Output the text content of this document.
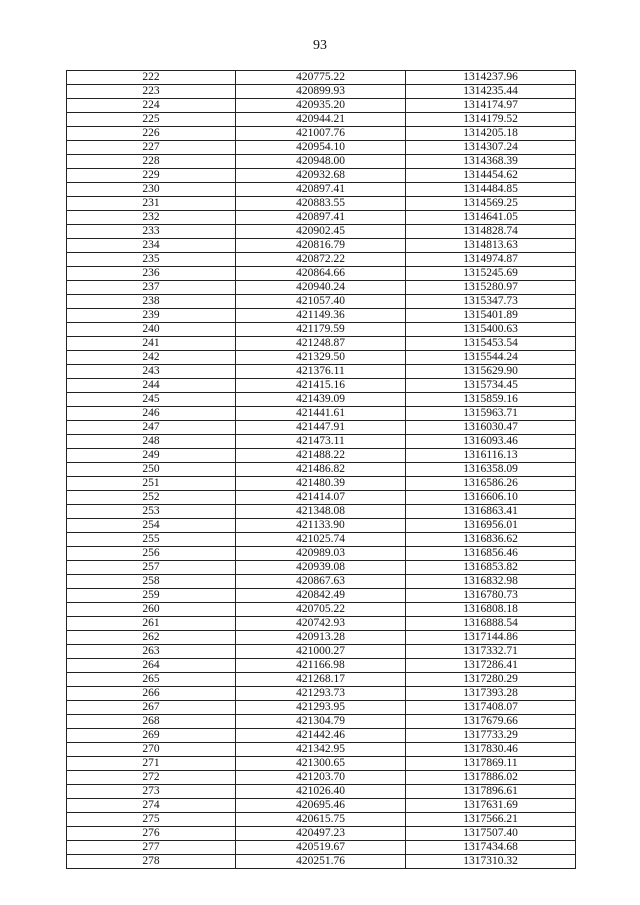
93
222	420775.22	1314237.96
223	420899.93	1314235.44
224	420935.20	1314174.97
225	420944.21	1314179.52
226	421007.76	1314205.18
227	420954.10	1314307.24
228	420948.00	1314368.39
229	420932.68	1314454.62
230	420897.41	1314484.85
231	420883.55	1314569.25
232	420897.41	1314641.05
233	420902.45	1314828.74
234	420816.79	1314813.63
235	420872.22	1314974.87
236	420864.66	1315245.69
237	420940.24	1315280.97
238	421057.40	1315347.73
239	421149.36	1315401.89
240	421179.59	1315400.63
241	421248.87	1315453.54
242	421329.50	1315544.24
243	421376.11	1315629.90
244	421415.16	1315734.45
245	421439.09	1315859.16
246	421441.61	1315963.71
247	421447.91	1316030.47
248	421473.11	1316093.46
249	421488.22	1316116.13
250	421486.82	1316358.09
251	421480.39	1316586.26
252	421414.07	1316606.10
253	421348.08	1316863.41
254	421133.90	1316956.01
255	421025.74	1316836.62
256	420989.03	1316856.46
257	420939.08	1316853.82
258	420867.63	1316832.98
259	420842.49	1316780.73
260	420705.22	1316808.18
261	420742.93	1316888.54
262	420913.28	1317144.86
263	421000.27	1317332.71
264	421166.98	1317286.41
265	421268.17	1317280.29
266	421293.73	1317393.28
267	421293.95	1317408.07
268	421304.79	1317679.66
269	421442.46	1317733.29
270	421342.95	1317830.46
271	421300.65	1317869.11
272	421203.70	1317886.02
273	421026.40	1317896.61
274	420695.46	1317631.69
275	420615.75	1317566.21
276	420497.23	1317507.40
277	420519.67	1317434.68
278	420251.76	1317310.32
